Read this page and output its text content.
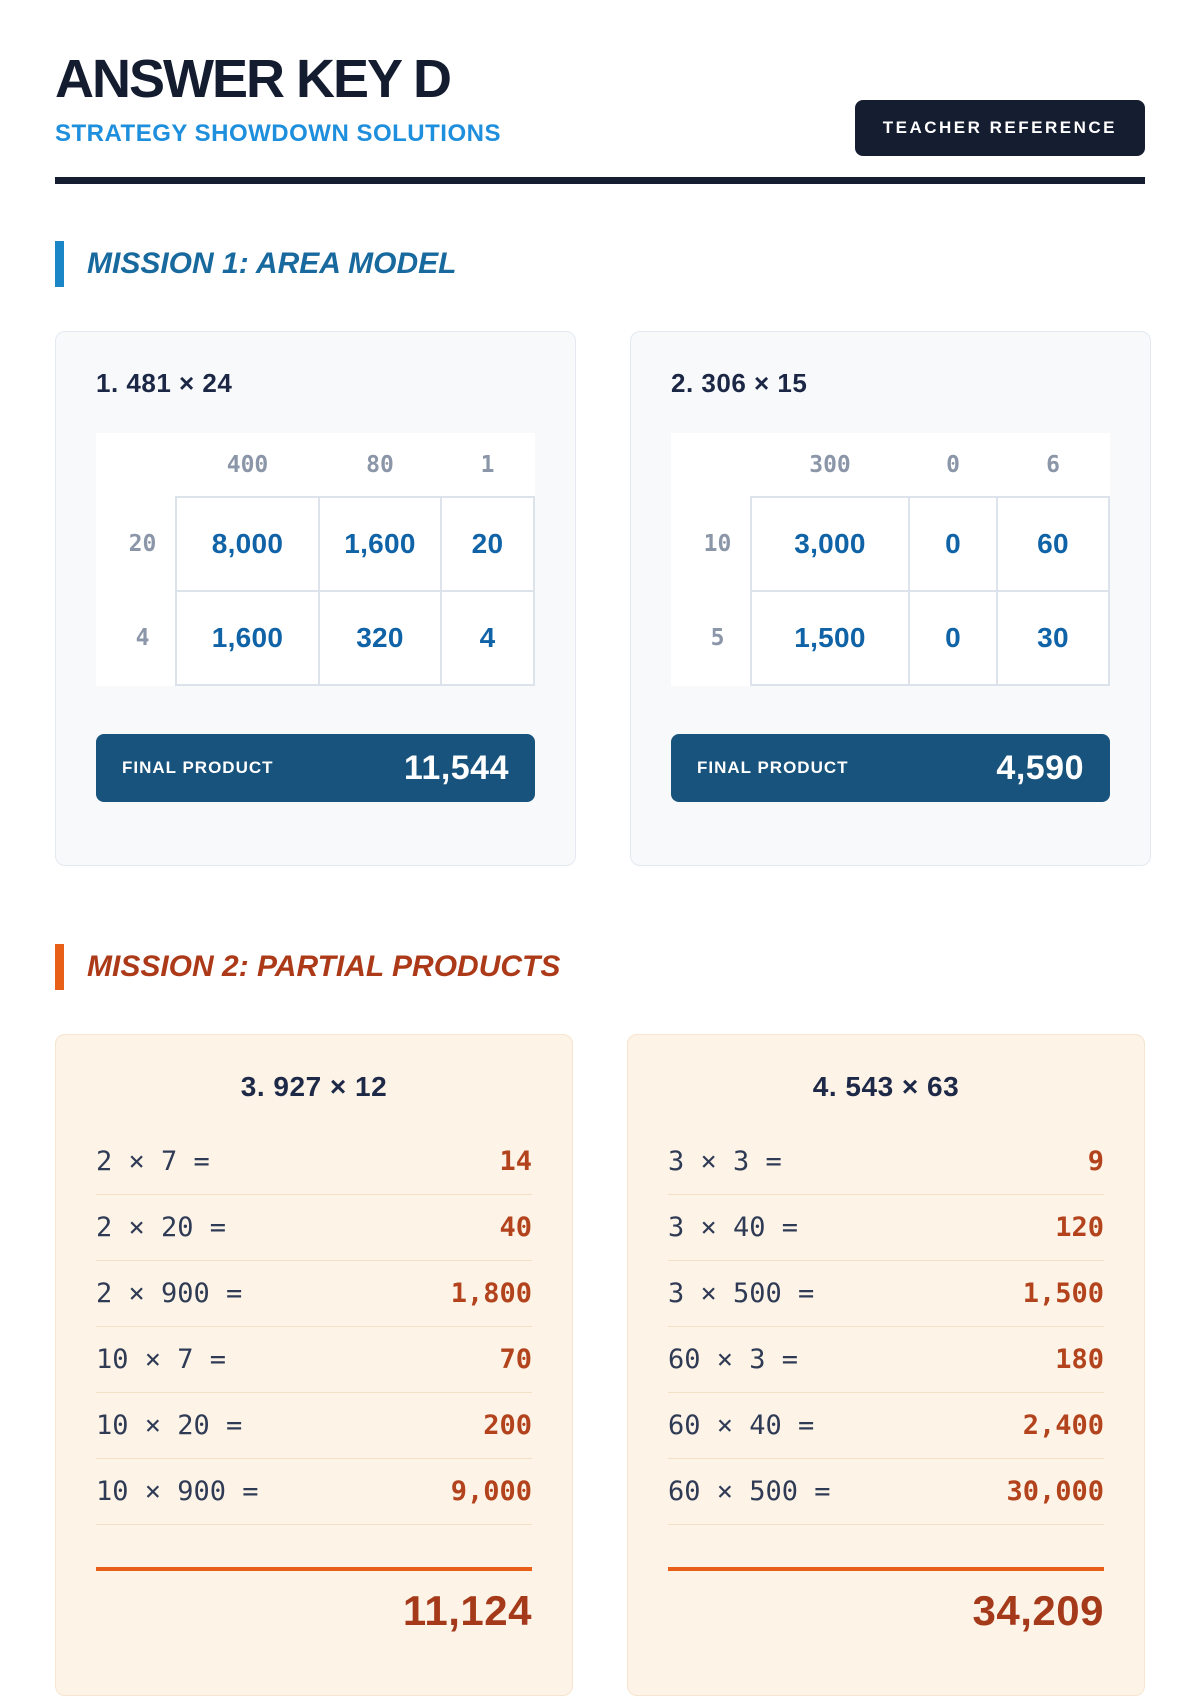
ANSWER KEY D
STRATEGY SHOWDOWN SOLUTIONS	TEACHER REFERENCE
MISSION 1: AREA MODEL
1. 481 × 24
	400	80	1
20	8,000	1,600	20
4	1,600	320	4
FINAL PRODUCT	11,544
2. 306 × 15
	300	0	6
10	3,000	0	60
5	1,500	0	30
FINAL PRODUCT	4,590
MISSION 2: PARTIAL PRODUCTS
3. 927 × 12
2 × 7 =	14
2 × 20 =	40
2 × 900 =	1,800
10 × 7 =	70
10 × 20 =	200
10 × 900 =	9,000
11,124
4. 543 × 63
3 × 3 =	9
3 × 40 =	120
3 × 500 =	1,500
60 × 3 =	180
60 × 40 =	2,400
60 × 500 =	30,000
34,209
